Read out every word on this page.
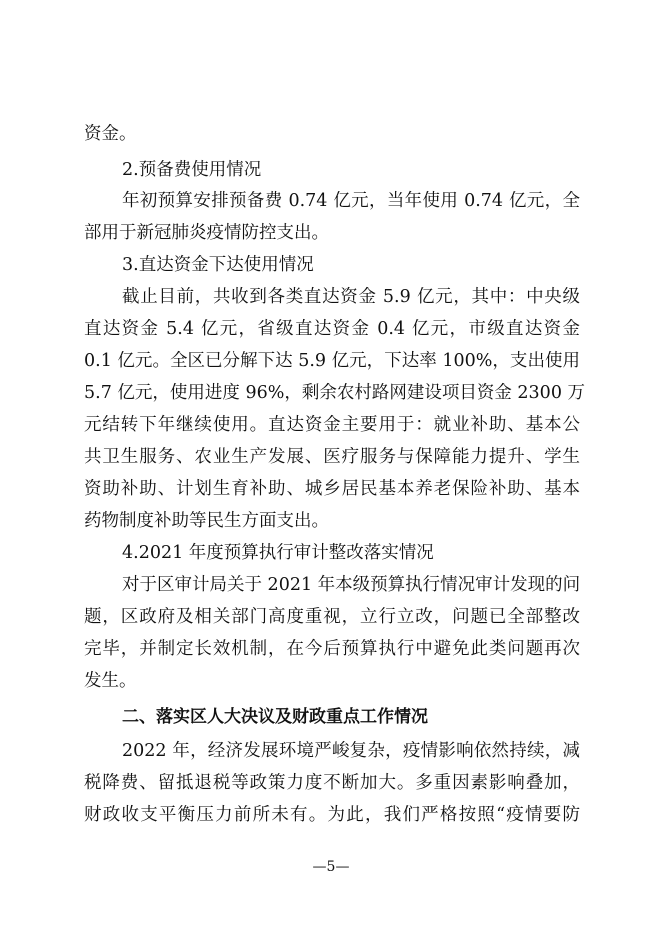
资金。
2.预备费使用情况
年初预算安排预备费 0.74 亿元，当年使用 0.74 亿元，全
部用于新冠肺炎疫情防控支出。
3.直达资金下达使用情况
截止目前，共收到各类直达资金 5.9 亿元，其中：中央级
直达资金 5.4 亿元，省级直达资金 0.4 亿元，市级直达资金
0.1 亿元。全区已分解下达 5.9 亿元，下达率 100%，支出使用
5.7 亿元，使用进度 96%，剩余农村路网建设项目资金 2300 万
元结转下年继续使用。直达资金主要用于：就业补助、基本公
共卫生服务、农业生产发展、医疗服务与保障能力提升、学生
资助补助、计划生育补助、城乡居民基本养老保险补助、基本
药物制度补助等民生方面支出。
4.2021 年度预算执行审计整改落实情况
对于区审计局关于 2021 年本级预算执行情况审计发现的问
题，区政府及相关部门高度重视，立行立改，问题已全部整改
完毕，并制定长效机制，在今后预算执行中避免此类问题再次
发生。
二、落实区人大决议及财政重点工作情况
2022 年，经济发展环境严峻复杂，疫情影响依然持续，减
税降费、留抵退税等政策力度不断加大。多重因素影响叠加，
财政收支平衡压力前所未有。为此，我们严格按照“疫情要防
—5—
